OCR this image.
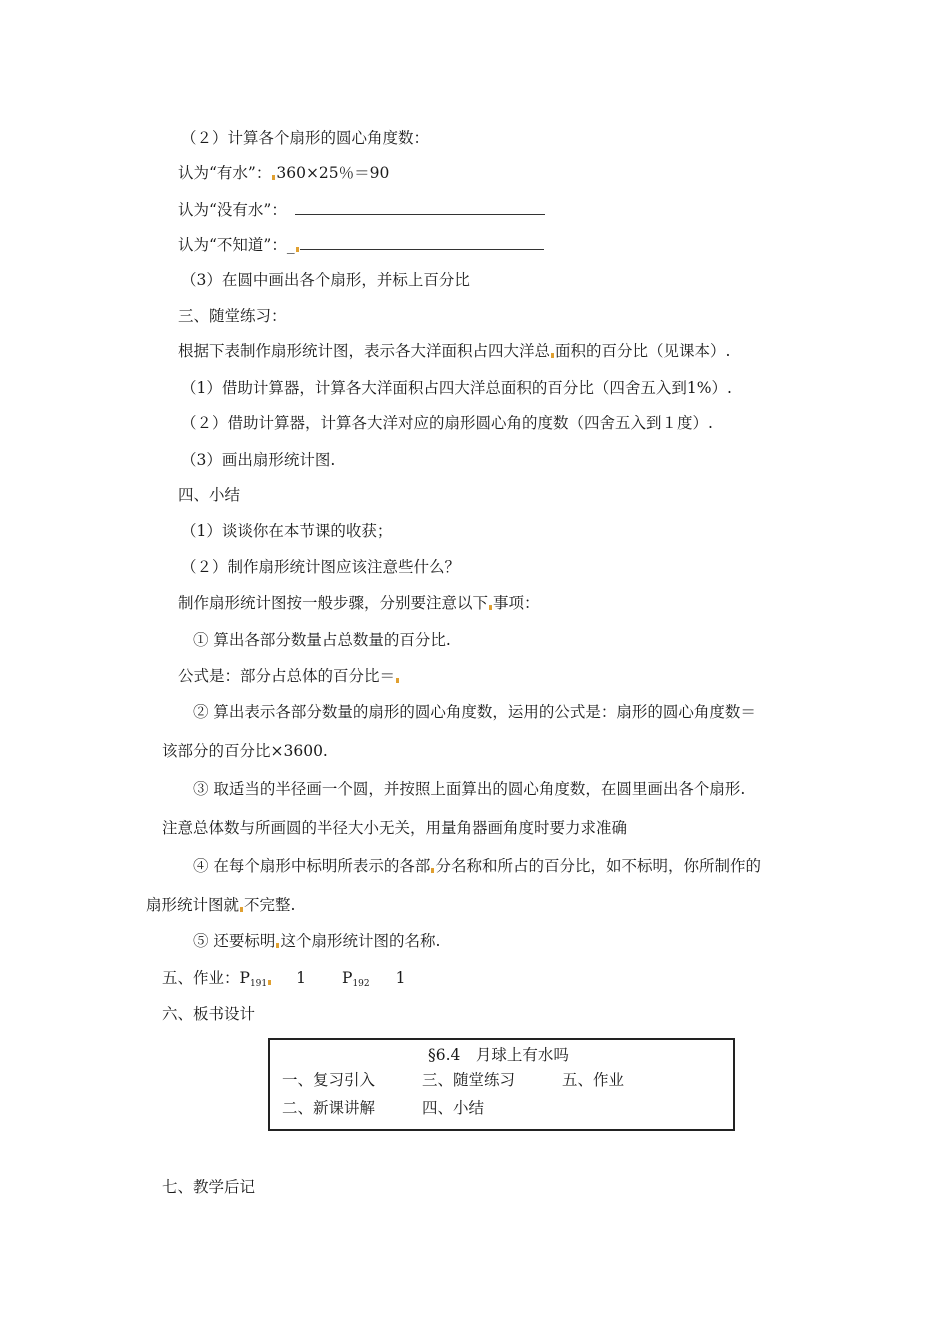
（２）计算各个扇形的圆心角度数：
认为“有水”： 360×25％＝90
认为“没有水”：
认为“不知道”：_
（3）在圆中画出各个扇形，并标上百分比
三、随堂练习：
根据下表制作扇形统计图，表示各大洋面积占四大洋总 面积的百分比（见课本）.
（1）借助计算器，计算各大洋面积占四大洋总面积的百分比（四舍五入到1%）.
（２）借助计算器，计算各大洋对应的扇形圆心角的度数（四舍五入到１度）.
（3）画出扇形统计图.
四、小结
（1）谈谈你在本节课的收获；
（２）制作扇形统计图应该注意些什么？
制作扇形统计图按一般步骤，分别要注意以下 事项：
① 算出各部分数量占总数量的百分比.
公式是：部分占总体的百分比＝
② 算出表示各部分数量的扇形的圆心角度数，运用的公式是：扇形的圆心角度数＝
该部分的百分比×3600.
③ 取适当的半径画一个圆，并按照上面算出的圆心角度数，在圆里画出各个扇形.
注意总体数与所画圆的半径大小无关，用量角器画角度时要力求准确
④ 在每个扇形中标明所表示的各部 分名称和所占的百分比，如不标明，你所制作的
扇形统计图就 不完整.
⑤ 还要标明 这个扇形统计图的名称.
五、作业：$P_{191}$ 1 $P_{192}$ 1
六、板书设计
§6.4　月球上有水吗
一、复习引入
二、新课讲解
三、随堂练习
四、小结
五、作业
七、教学后记
